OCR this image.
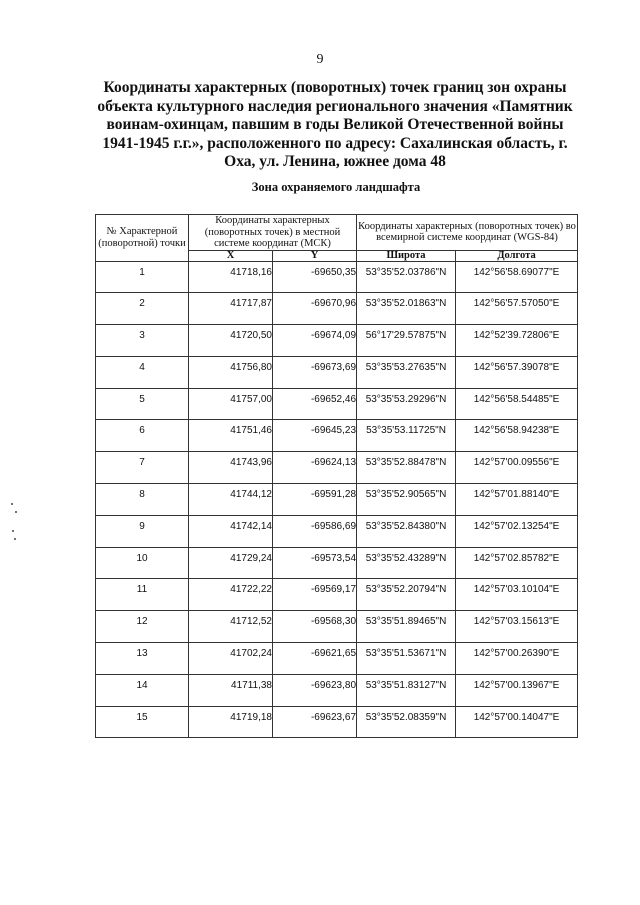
9
Координаты характерных (поворотных) точек границ зон охраны объекта культурного наследия регионального значения «Памятник воинам-охинцам, павшим в годы Великой Отечественной войны 1941-1945 г.г.», расположенного по адресу: Сахалинская область, г. Оха, ул. Ленина, южнее дома 48
Зона охраняемого ландшафта
№ Характерной (поворотной) точки	Координаты характерных (поворотных точек) в местной системе координат (МСК)		Координаты характерных (поворотных точек) во всемирной системе координат (WGS-84)	
	X	Y	Широта	Долгота
1	41718,16	-69650,35	53°35'52.03786"N	142°56'58.69077"E
2	41717,87	-69670,96	53°35'52.01863"N	142°56'57.57050"E
3	41720,50	-69674,09	56°17'29.57875"N	142°52'39.72806"E
4	41756,80	-69673,69	53°35'53.27635"N	142°56'57.39078"E
5	41757,00	-69652,46	53°35'53.29296"N	142°56'58.54485"E
6	41751,46	-69645,23	53°35'53.11725"N	142°56'58.94238"E
7	41743,96	-69624,13	53°35'52.88478"N	142°57'00.09556"E
8	41744,12	-69591,28	53°35'52.90565"N	142°57'01.88140"E
9	41742,14	-69586,69	53°35'52.84380"N	142°57'02.13254"E
10	41729,24	-69573,54	53°35'52.43289"N	142°57'02.85782"E
11	41722,22	-69569,17	53°35'52.20794"N	142°57'03.10104"E
12	41712,52	-69568,30	53°35'51.89465"N	142°57'03.15613"E
13	41702,24	-69621,65	53°35'51.53671"N	142°57'00.26390"E
14	41711,38	-69623,80	53°35'51.83127"N	142°57'00.13967"E
15	41719,18	-69623,67	53°35'52.08359"N	142°57'00.14047"E
